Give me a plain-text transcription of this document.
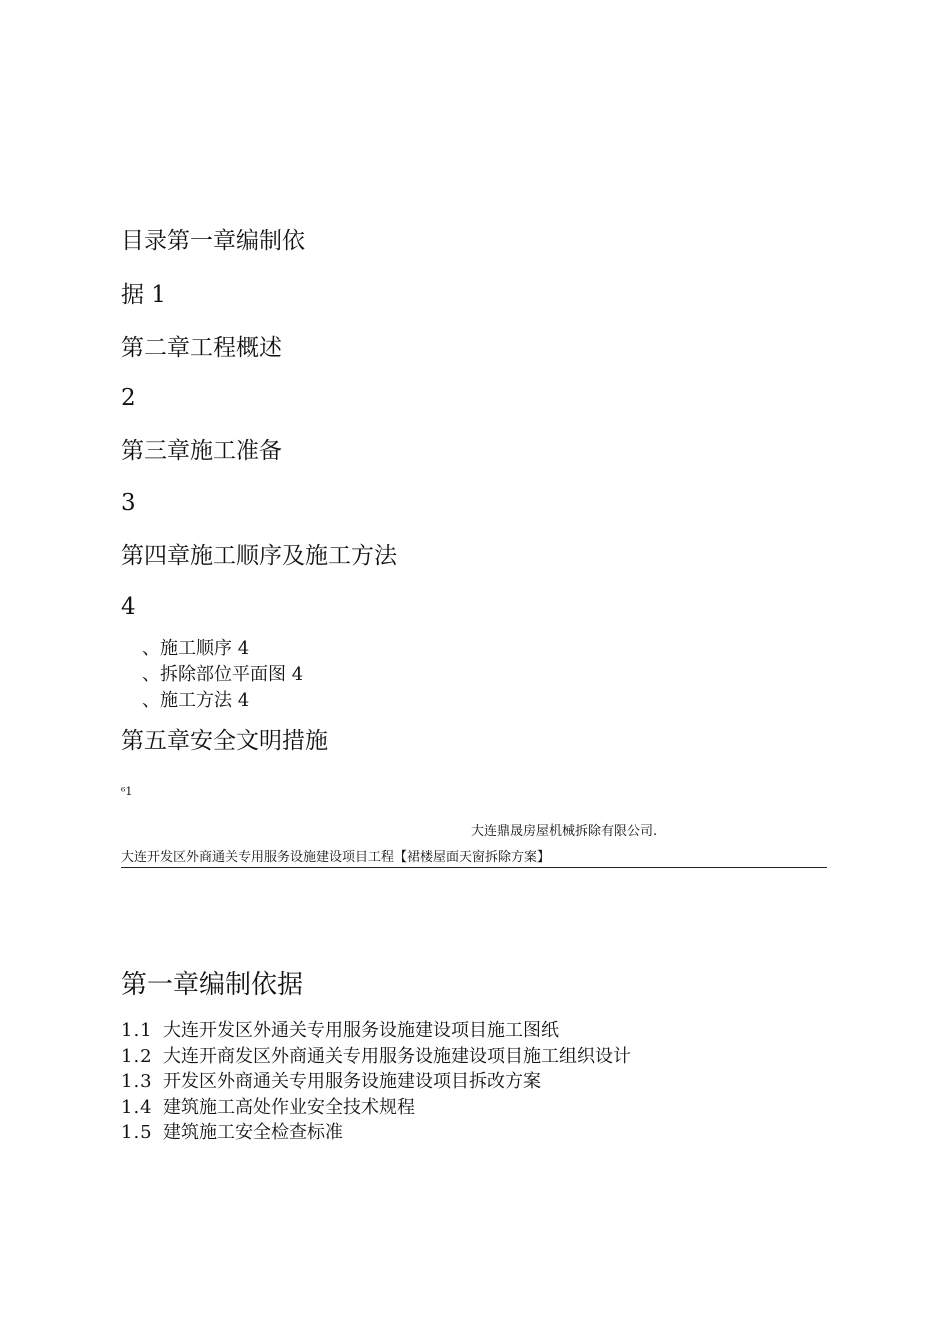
目录第一章编制依
据 1
第二章工程概述
2
第三章施工准备
3
第四章施工顺序及施工方法
4
、施工顺序 4
、拆除部位平面图 4
、施工方法 4
第五章安全文明措施
⁶1
大连鼎晟房屋机械拆除有限公司.
大连开发区外商通关专用服务设施建设项目工程【裙楼屋面天窗拆除方案】
第一章编制依据
1.1 大连开发区外通关专用服务设施建设项目施工图纸
1.2 大连开商发区外商通关专用服务设施建设项目施工组织设计
1.3 开发区外商通关专用服务设施建设项目拆改方案
1.4 建筑施工高处作业安全技术规程
1.5 建筑施工安全检查标准
